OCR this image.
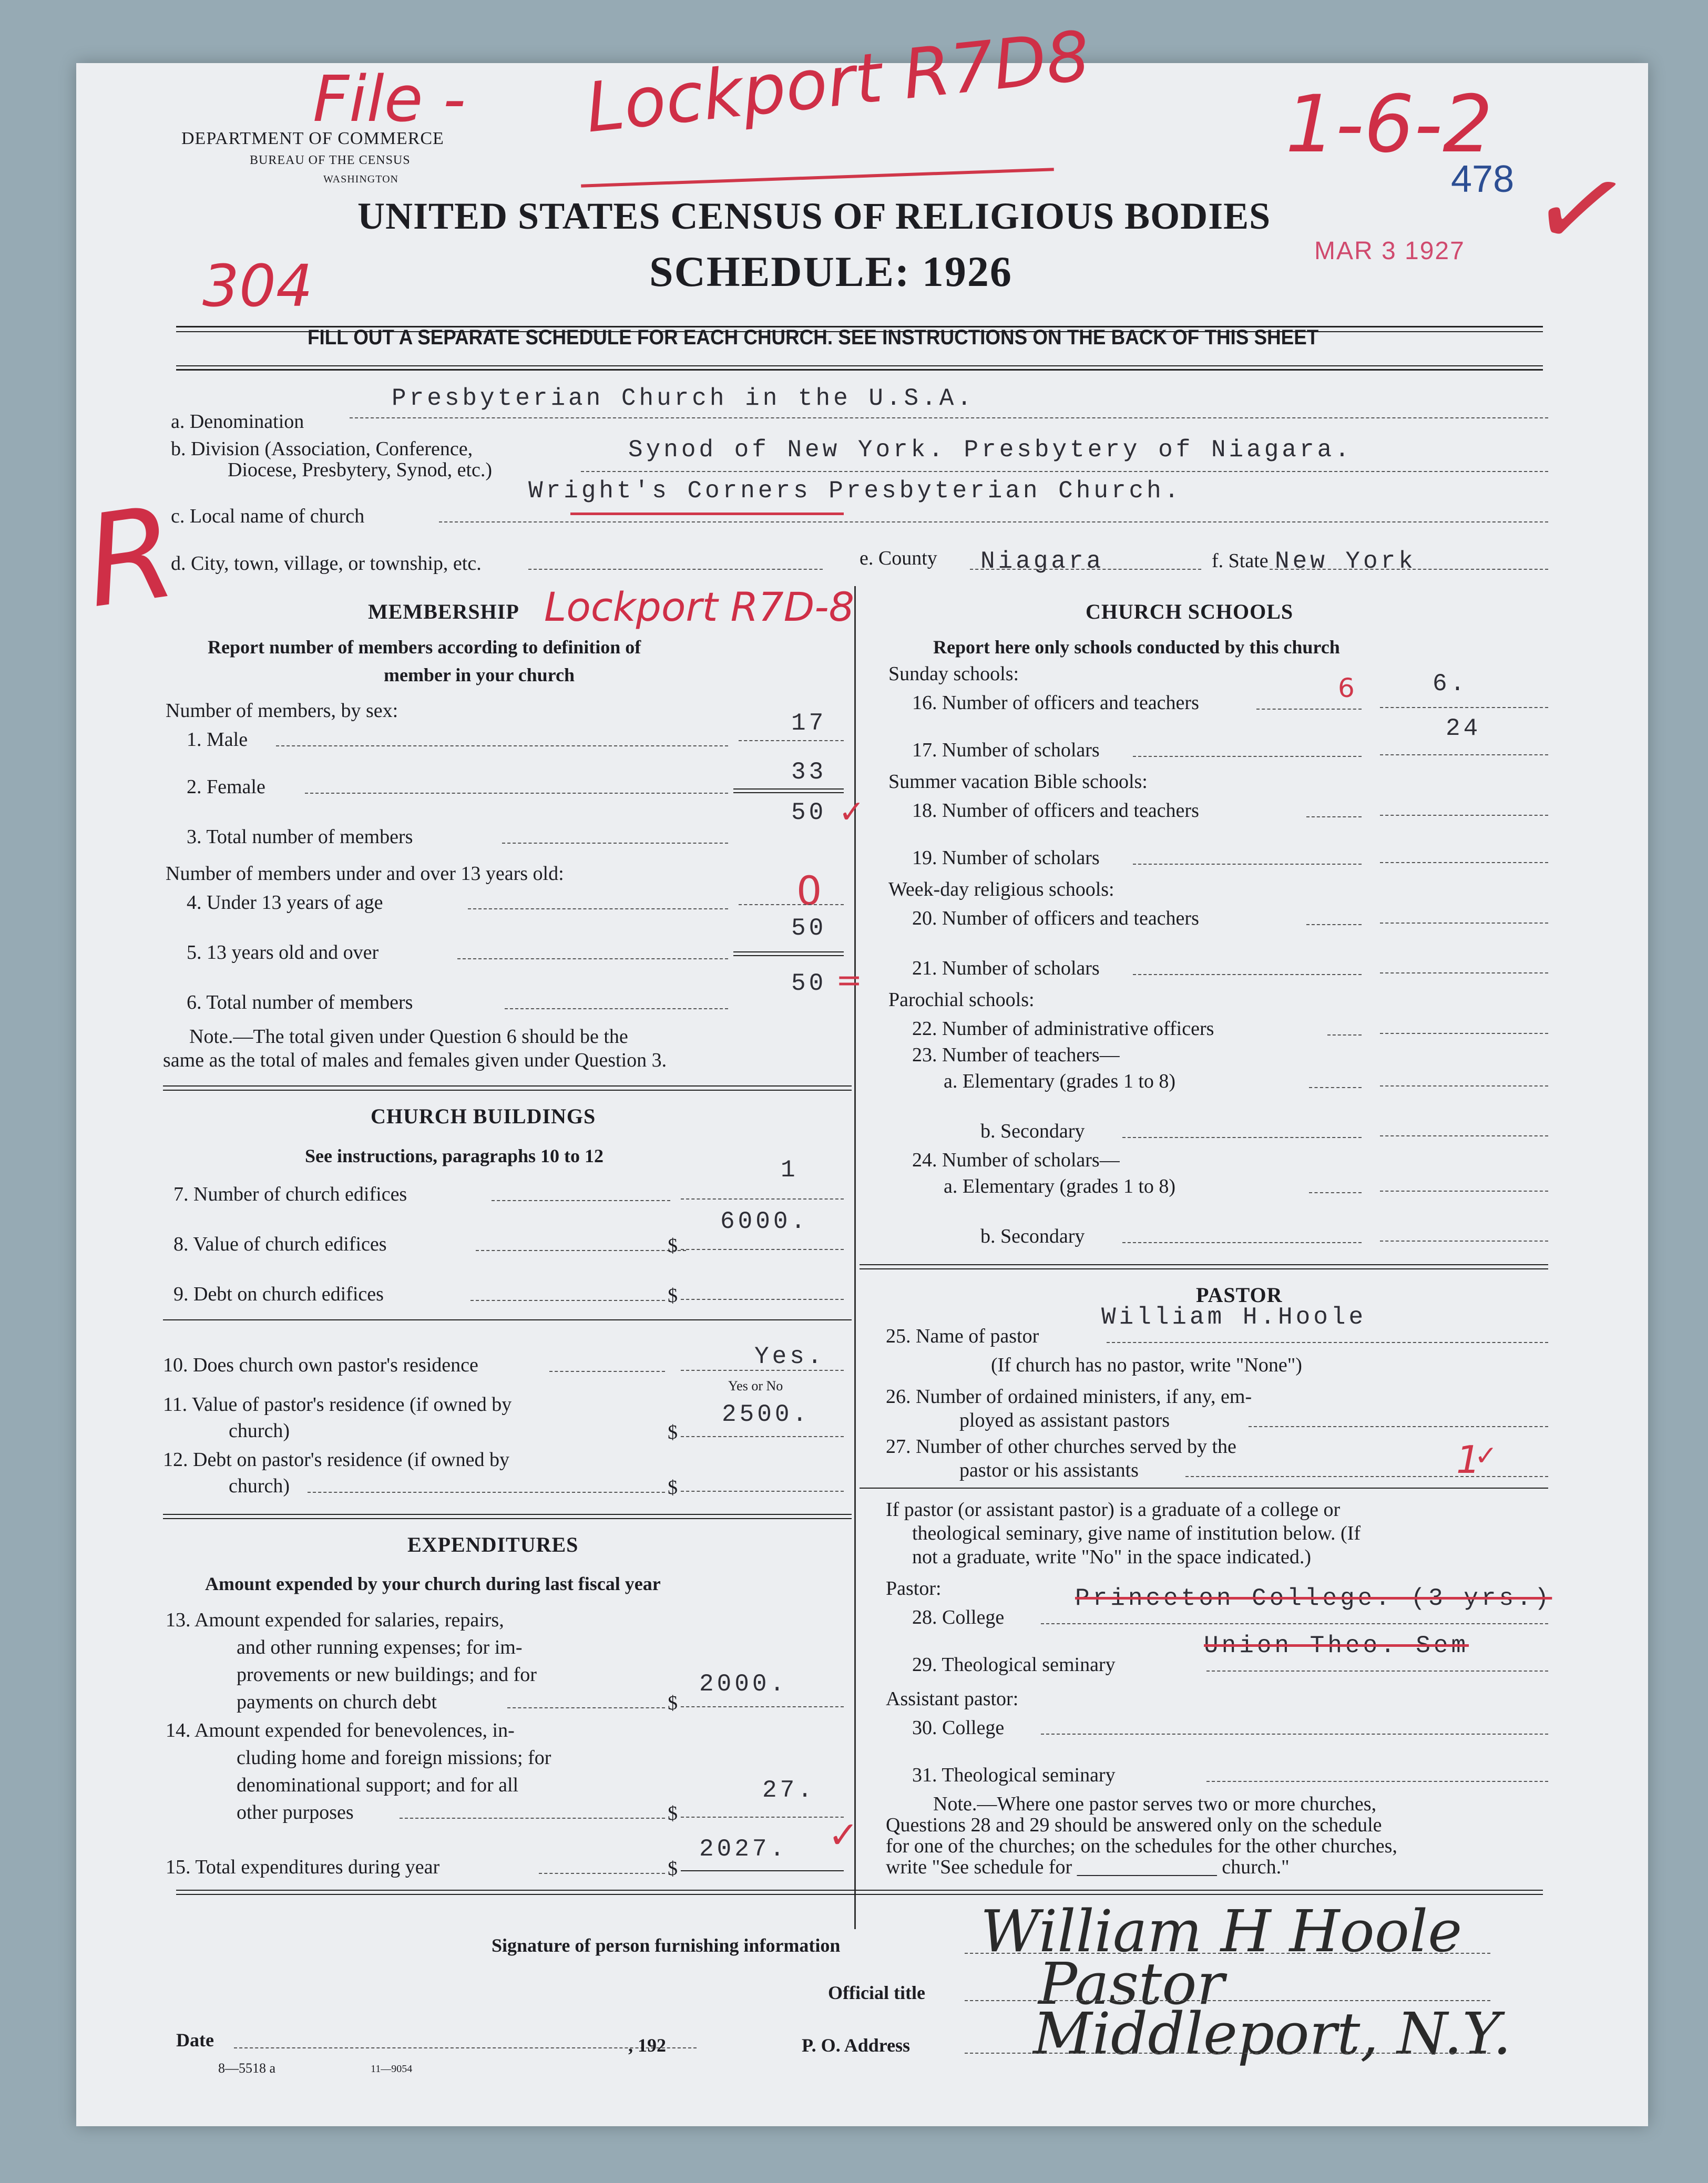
DEPARTMENT OF COMMERCE
BUREAU OF THE CENSUS
WASHINGTON
UNITED STATES CENSUS OF RELIGIOUS BODIES
SCHEDULE: 1926
FILL OUT A SEPARATE SCHEDULE FOR EACH CHURCH. SEE INSTRUCTIONS ON THE BACK OF THIS SHEET
File - Lockport R7D8
304
1-6-2
478
MAR 3 1927 ✓
R
a. Denomination
Presbyterian Church in the U.S.A.
b. Division (Association, Conference,
Diocese, Presbytery, Synod, etc.)
Synod of New York. Presbytery of Niagara.
Wright's Corners Presbyterian Church.
c. Local name of church
d. City, town, village, or township, etc.	e. County Niagara	f. State New York
MEMBERSHIP Lockport R7D-8
Report number of members according to definition of
member in your church
Number of members, by sex:
1. Male
17
2. Female
33
3. Total number of members
50 ✓
Number of members under and over 13 years old:
4. Under 13 years of age	0
5. 13 years old and over
50
6. Total number of members
50 =
Note.—The total given under Question 6 should be the
same as the total of males and females given under Question 3.
CHURCH BUILDINGS
See instructions, paragraphs 10 to 12
7. Number of church edifices
1
8. Value of church edifices	$
6000.
9. Debt on church edifices	$
10. Does church own pastor's residence	Yes.
Yes or No
11. Value of pastor's residence (if owned by
church)	$
2500.
12. Debt on pastor's residence (if owned by
church)	$
EXPENDITURES
Amount expended by your church during last fiscal year
13. Amount expended for salaries, repairs,
and other running expenses; for im-
provements or new buildings; and for
payments on church debt	$
2000.
14. Amount expended for benevolences, in-
cluding home and foreign missions; for
denominational support; and for all
other purposes	$
27.
15. Total expenditures during year	$
2027. ✓
CHURCH SCHOOLS
Report here only schools conducted by this church
Sunday schools:
16. Number of officers and teachers	6	6.
17. Number of scholars
24
Summer vacation Bible schools:
18. Number of officers and teachers
19. Number of scholars
Week-day religious schools:
20. Number of officers and teachers
21. Number of scholars
Parochial schools:
22. Number of administrative officers
23. Number of teachers—
a. Elementary (grades 1 to 8)
b. Secondary
24. Number of scholars—
a. Elementary (grades 1 to 8)
b. Secondary
PASTOR
25. Name of pastor
William H.Hoole
(If church has no pastor, write "None")
26. Number of ordained ministers, if any, em-
ployed as assistant pastors
27. Number of other churches served by the
pastor or his assistants	1
✓
If pastor (or assistant pastor) is a graduate of a college or
theological seminary, give name of institution below. (If
not a graduate, write "No" in the space indicated.)
Pastor:
28. College
Princeton College. (3 yrs.)
29. Theological seminary
Union Theo. Sem
Assistant pastor:
30. College
31. Theological seminary
Note.—Where one pastor serves two or more churches,
Questions 28 and 29 should be answered only on the schedule
for one of the churches; on the schedules for the other churches,
write "See schedule for ______________ church."
Signature of person furnishing information William H Hoole
Official title Pastor
Date	, 192	P. O. Address Middleport, N.Y.
8—5518 a	11—9054
